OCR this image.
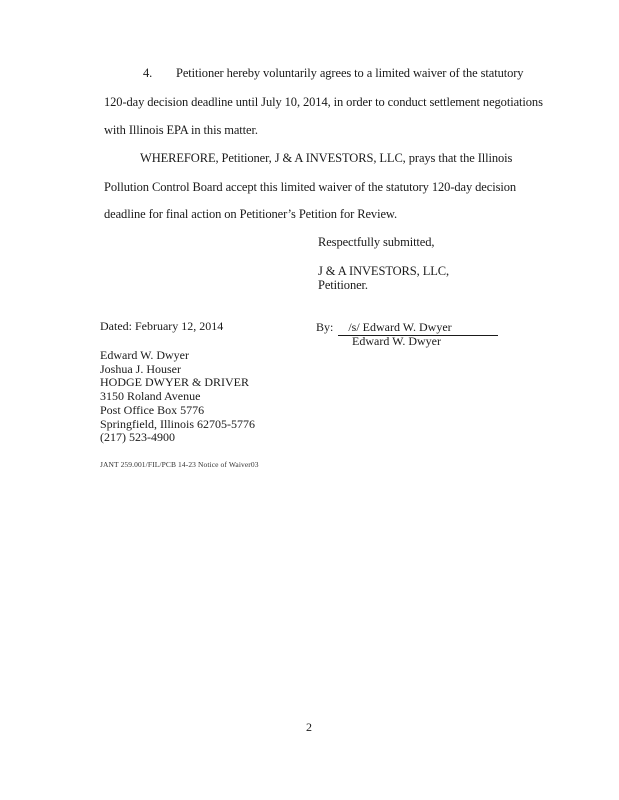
4. Petitioner hereby voluntarily agrees to a limited waiver of the statutory
120-day decision deadline until July 10, 2014, in order to conduct settlement negotiations
with Illinois EPA in this matter.
WHEREFORE, Petitioner, J & A INVESTORS, LLC, prays that the Illinois
Pollution Control Board accept this limited waiver of the statutory 120-day decision
deadline for final action on Petitioner’s Petition for Review.
Respectfully submitted,
J & A INVESTORS, LLC,
Petitioner.
Dated: February 12, 2014	By: /s/ Edward W. Dwyer
Edward W. Dwyer
Edward W. Dwyer
Joshua J. Houser
HODGE DWYER & DRIVER
3150 Roland Avenue
Post Office Box 5776
Springfield, Illinois 62705-5776
(217) 523-4900
JANT 259.001/FIL/PCB 14-23 Notice of Waiver03
2
